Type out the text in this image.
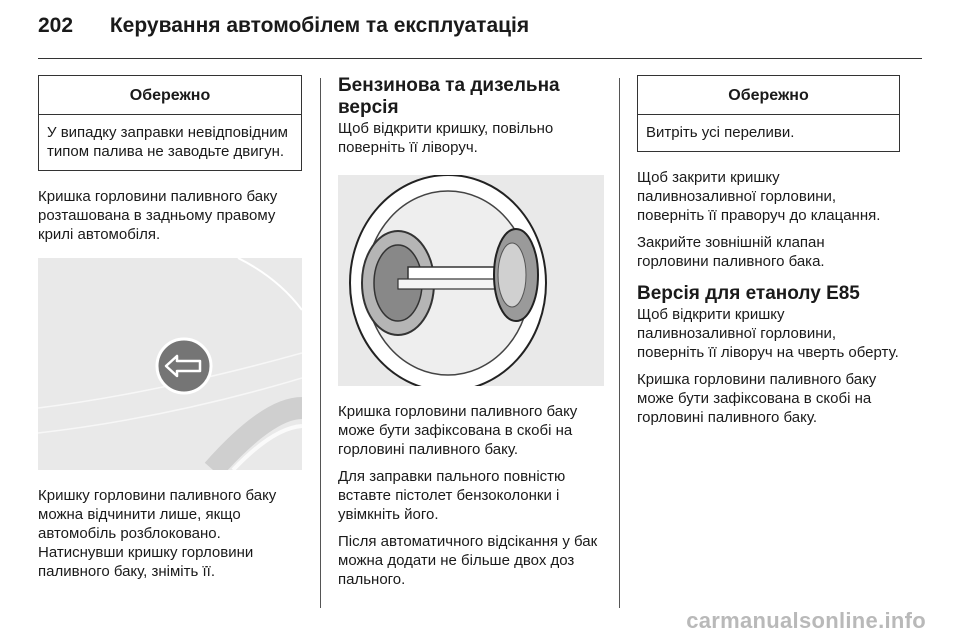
202 Керування автомобілем та експлуатація
Обережно
У випадку заправки невідповідним типом палива не заводьте двигун.

Кришка горловини паливного баку розташована в задньому правому крилі автомобіля.

Кришку горловини паливного баку можна відчинити лише, якщо автомобіль розблоковано. Натиснувши кришку горловини паливного баку, зніміть її.

Бензинова та дизельна версія

Щоб відкрити кришку, повільно поверніть її ліворуч.

Кришка горловини паливного баку може бути зафіксована в скобі на горловині паливного баку.

Для заправки пального повністю вставте пістолет бензоколонки і увімкніть його.

Після автоматичного відсікання у бак можна додати не більше двох доз пального.

Обережно
Витріть усі переливи.

Щоб закрити кришку паливнозаливної горловини, поверніть її праворуч до клацання.

Закрийте зовнішній клапан горловини паливного бака.

Версія для етанолу E85

Щоб відкрити кришку паливнозаливної горловини, поверніть її ліворуч на чверть оберту.

Кришка горловини паливного баку може бути зафіксована в скобі на горловині паливного баку.

carmanualsonline.info
